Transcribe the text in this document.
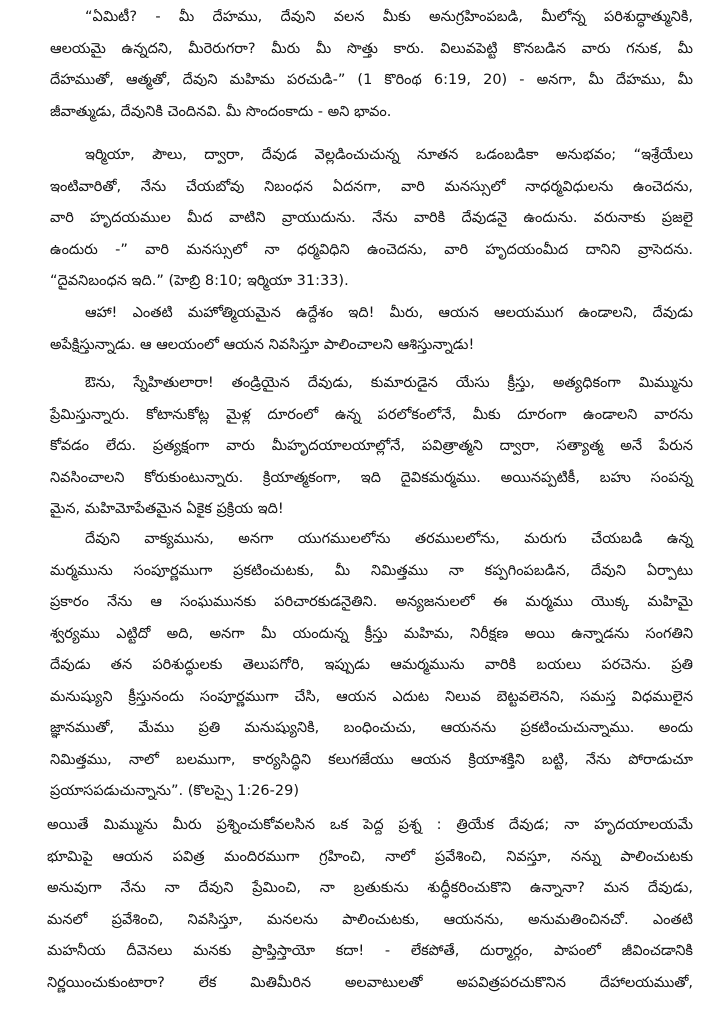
“ఏమిటీ? - మీ దేహము, దేవుని వలన మీకు అనుగ్రహింపబడి, మీలోన్న పరిశుద్ధాత్మునికి,
ఆలయమై ఉన్నదని, మీరెరుగరా? మీరు మీ సొత్తు కారు. విలువపెట్టి కొనబడిన వారు గనుక, మీ
దేహముతో, ఆత్మతో, దేవుని మహిమ పరచుడి-” (1 కొరింథ 6:19, 20) - అనగా, మీ దేహము, మీ
జీవాత్ముడు, దేవునికి చెందినవి. మీ సొందంకాదు - అని భావం.
ఇర్మియా, పౌలు, ద్వారా, దేవుడ వెల్లడించుచున్న నూతన ఒడంబడికా అనుభవం; “ఇశ్రేయేలు
ఇంటివారితో, నేను చేయబోవు నిబంధన ఏదనగా, వారి మనస్సులో నాధర్మవిధులను ఉంచెదను,
వారి హృదయముల మీద వాటిని వ్రాయుదును. నేను వారికి దేవుడనై ఉందును. వరునాకు ప్రజలై
ఉందురు -” వారి మనస్సులో నా ధర్మవిధిని ఉంచెదను, వారి హృదయంమీద దానిని వ్రాసెదను.
“దైవనిబంధన ఇది.” (హెబ్రి 8:10; ఇర్మియా 31:33).
ఆహా! ఎంతటి మహోత్మియమైన ఉద్దేశం ఇది! మీరు, ఆయన ఆలయముగ ఉండాలని, దేవుడు
అపేక్షిస్తున్నాడు. ఆ ఆలయంలో ఆయన నివసిస్తూ పాలించాలని ఆశిస్తున్నాడు!
ఔను, స్నేహితులారా! తండ్రియైన దేవుడు, కుమారుడైన యేసు క్రీస్తు, అత్యధికంగా మిమ్మును
ప్రేమిస్తున్నారు. కోటానుకోట్ల మైళ్ల దూరంలో ఉన్న పరలోకంలోనే, మీకు దూరంగా ఉండాలని వారను
కోవడం లేదు. ప్రత్యక్షంగా వారు మీహృదయాలయాల్లోనే, పవిత్రాత్మని ద్వారా, సత్యాత్మ అనే పేరున
నివసించాలని కోరుకుంటున్నారు. క్రియాత్మకంగా, ఇది దైవికమర్మము. అయినప్పటికీ, బహు సంపన్న
మైన, మహిమోపేతమైన ఏకైక ప్రక్రియ ఇది!
దేవుని వాక్యమును, అనగా యుగములలోను తరములలోను, మరుగు చేయబడి ఉన్న
మర్మమును సంపూర్ణముగా ప్రకటించుటకు, మీ నిమిత్తము నా కప్పగింపబడిన, దేవుని ఏర్పాటు
ప్రకారం నేను ఆ సంఘమునకు పరిచారకుడనైతిని. అన్యజనులలో ఈ మర్మము యొక్క మహిమై
శ్వర్యము ఎట్టిదో అది, అనగా మీ యందున్న క్రీస్తు మహిమ, నిరీక్షణ అయి ఉన్నాడను సంగతిని
దేవుడు తన పరిశుద్ధులకు తెలుపగోరి, ఇప్పుడు ఆమర్మమును వారికి బయలు పరచెను. ప్రతి
మనుష్యుని క్రీస్తునందు సంపూర్ణముగా చేసి, ఆయన ఎదుట నిలువ బెట్టవలెనని, సమస్త విధములైన
జ్ఞానముతో, మేము ప్రతి మనుష్యునికి, బంధించుచు, ఆయనను ప్రకటించుచున్నాము. అందు
నిమిత్తము, నాలో బలముగా, కార్యసిద్ధిని కలుగజేయు ఆయన క్రియాశక్తిని బట్టి, నేను పోరాడుచూ
ప్రయాసపడుచున్నాను”. (కొలస్సై 1:26-29)
అయితే మిమ్మును మీరు ప్రశ్నించుకోవలసిన ఒక పెద్ద ప్రశ్న : త్రియేక దేవుడ; నా హృదయాలయమే
భూమిపై ఆయన పవిత్ర మందిరముగా గ్రహించి, నాలో ప్రవేశించి, నివస్తూ, నన్ను పాలించుటకు
అనువుగా నేను నా దేవుని ప్రేమించి, నా బ్రతుకును శుద్ధీకరించుకొని ఉన్నానా? మన దేవుడు,
మనలో ప్రవేశించి, నివసిస్తూ, మనలను పాలించుటకు, ఆయనను, అనుమతించినచో. ఎంతటి
మహనీయ దీవెనలు మనకు ప్రాప్తిస్తాయో కదా! - లేకపోతే, దుర్మార్గం, పాపంలో జీవించడానికి
నిర్ణయించుకుంటారా? లేక మితిమీరిన అలవాటులతో అపవిత్రపరచుకొనిన దేహాలయముతో,
